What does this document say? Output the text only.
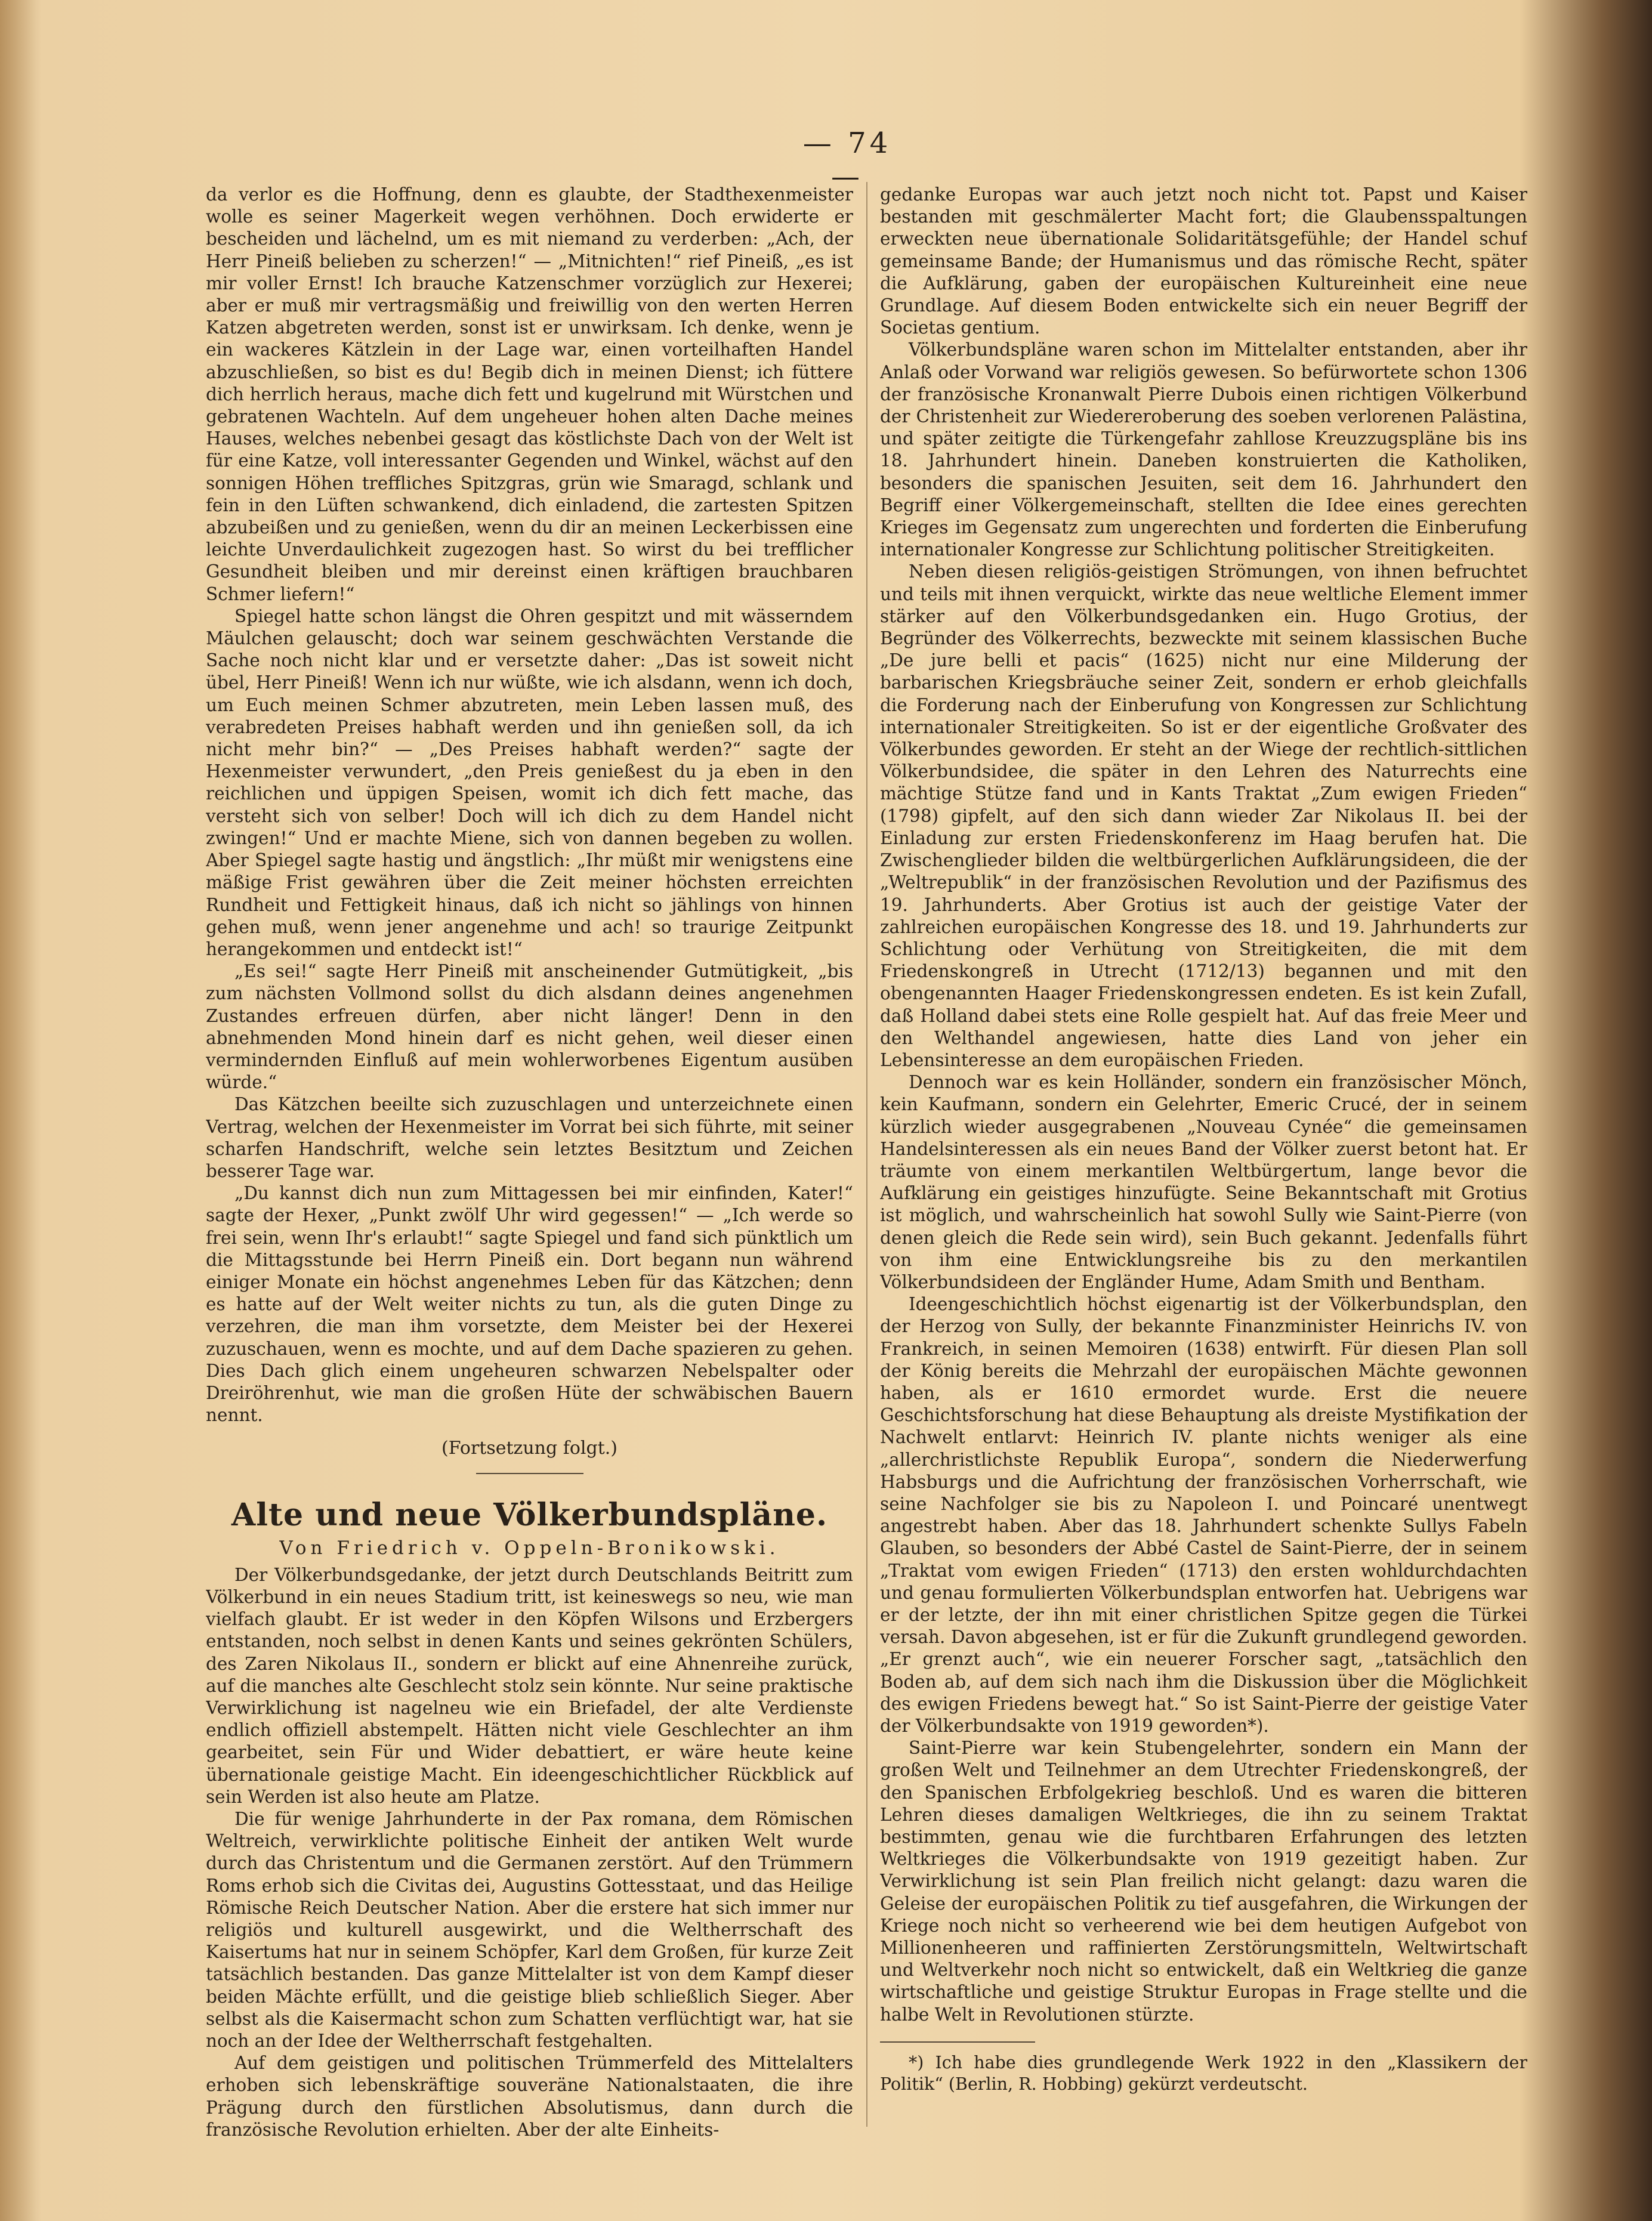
— 74 —

da verlor es die Hoffnung, denn es glaubte, der Stadthexenmeister wolle es seiner Magerkeit wegen verhöhnen. Doch erwiderte er bescheiden und lächelnd, um es mit niemand zu verderben: „Ach, der Herr Pineiß belieben zu scherzen!“ — „Mitnichten!“ rief Pineiß, „es ist mir voller Ernst! Ich brauche Katzenschmer vorzüglich zur Hexerei; aber er muß mir vertragsmäßig und freiwillig von den werten Herren Katzen abgetreten werden, sonst ist er unwirksam. Ich denke, wenn je ein wackeres Kätzlein in der Lage war, einen vorteilhaften Handel abzuschließen, so bist es du! Begib dich in meinen Dienst; ich füttere dich herrlich heraus, mache dich fett und kugelrund mit Würstchen und gebratenen Wachteln. Auf dem ungeheuer hohen alten Dache meines Hauses, welches nebenbei gesagt das köstlichste Dach von der Welt ist für eine Katze, voll interessanter Gegenden und Winkel, wächst auf den sonnigen Höhen treffliches Spitzgras, grün wie Smaragd, schlank und fein in den Lüften schwankend, dich einladend, die zartesten Spitzen abzubeißen und zu genießen, wenn du dir an meinen Leckerbissen eine leichte Unverdaulichkeit zugezogen hast. So wirst du bei trefflicher Gesundheit bleiben und mir dereinst einen kräftigen brauchbaren Schmer liefern!“

Spiegel hatte schon längst die Ohren gespitzt und mit wässerndem Mäulchen gelauscht; doch war seinem geschwächten Verstande die Sache noch nicht klar und er versetzte daher: „Das ist soweit nicht übel, Herr Pineiß! Wenn ich nur wüßte, wie ich alsdann, wenn ich doch, um Euch meinen Schmer abzutreten, mein Leben lassen muß, des verabredeten Preises habhaft werden und ihn genießen soll, da ich nicht mehr bin?“ — „Des Preises habhaft werden?“ sagte der Hexenmeister verwundert, „den Preis genießest du ja eben in den reichlichen und üppigen Speisen, womit ich dich fett mache, das versteht sich von selber! Doch will ich dich zu dem Handel nicht zwingen!“ Und er machte Miene, sich von dannen begeben zu wollen. Aber Spiegel sagte hastig und ängstlich: „Ihr müßt mir wenigstens eine mäßige Frist gewähren über die Zeit meiner höchsten erreichten Rundheit und Fettigkeit hinaus, daß ich nicht so jählings von hinnen gehen muß, wenn jener angenehme und ach! so traurige Zeitpunkt herangekommen und entdeckt ist!“

„Es sei!“ sagte Herr Pineiß mit anscheinender Gutmütigkeit, „bis zum nächsten Vollmond sollst du dich alsdann deines angenehmen Zustandes erfreuen dürfen, aber nicht länger! Denn in den abnehmenden Mond hinein darf es nicht gehen, weil dieser einen vermindernden Einfluß auf mein wohlerworbenes Eigentum ausüben würde.“

Das Kätzchen beeilte sich zuzuschlagen und unterzeichnete einen Vertrag, welchen der Hexenmeister im Vorrat bei sich führte, mit seiner scharfen Handschrift, welche sein letztes Besitztum und Zeichen besserer Tage war.

„Du kannst dich nun zum Mittagessen bei mir einfinden, Kater!“ sagte der Hexer, „Punkt zwölf Uhr wird gegessen!“ — „Ich werde so frei sein, wenn Ihr's erlaubt!“ sagte Spiegel und fand sich pünktlich um die Mittagsstunde bei Herrn Pineiß ein. Dort begann nun während einiger Monate ein höchst angenehmes Leben für das Kätzchen; denn es hatte auf der Welt weiter nichts zu tun, als die guten Dinge zu verzehren, die man ihm vorsetzte, dem Meister bei der Hexerei zuzuschauen, wenn es mochte, und auf dem Dache spazieren zu gehen. Dies Dach glich einem ungeheuren schwarzen Nebelspalter oder Dreiröhrenhut, wie man die großen Hüte der schwäbischen Bauern nennt.

(Fortsetzung folgt.)
Alte und neue Völkerbundspläne.
Von Friedrich v. Oppeln-Bronikowski.

Der Völkerbundsgedanke, der jetzt durch Deutschlands Beitritt zum Völkerbund in ein neues Stadium tritt, ist keineswegs so neu, wie man vielfach glaubt. Er ist weder in den Köpfen Wilsons und Erzbergers entstanden, noch selbst in denen Kants und seines gekrönten Schülers, des Zaren Nikolaus II., sondern er blickt auf eine Ahnenreihe zurück, auf die manches alte Geschlecht stolz sein könnte. Nur seine praktische Verwirklichung ist nagelneu wie ein Briefadel, der alte Verdienste endlich offiziell abstempelt. Hätten nicht viele Geschlechter an ihm gearbeitet, sein Für und Wider debattiert, er wäre heute keine übernationale geistige Macht. Ein ideengeschichtlicher Rückblick auf sein Werden ist also heute am Platze.

Die für wenige Jahrhunderte in der Pax romana, dem Römischen Weltreich, verwirklichte politische Einheit der antiken Welt wurde durch das Christentum und die Germanen zerstört. Auf den Trümmern Roms erhob sich die Civitas dei, Augustins Gottesstaat, und das Heilige Römische Reich Deutscher Nation. Aber die erstere hat sich immer nur religiös und kulturell ausgewirkt, und die Weltherrschaft des Kaisertums hat nur in seinem Schöpfer, Karl dem Großen, für kurze Zeit tatsächlich bestanden. Das ganze Mittelalter ist von dem Kampf dieser beiden Mächte erfüllt, und die geistige blieb schließlich Sieger. Aber selbst als die Kaisermacht schon zum Schatten verflüchtigt war, hat sie noch an der Idee der Weltherrschaft festgehalten.

Auf dem geistigen und politischen Trümmerfeld des Mittelalters erhoben sich lebenskräftige souveräne Nationalstaaten, die ihre Prägung durch den fürstlichen Absolutismus, dann durch die französische Revolution erhielten. Aber der alte Einheits-

gedanke Europas war auch jetzt noch nicht tot. Papst und Kaiser bestanden mit geschmälerter Macht fort; die Glaubensspaltungen erweckten neue übernationale Solidaritätsgefühle; der Handel schuf gemeinsame Bande; der Humanismus und das römische Recht, später die Aufklärung, gaben der europäischen Kultureinheit eine neue Grundlage. Auf diesem Boden entwickelte sich ein neuer Begriff der Societas gentium.

Völkerbundspläne waren schon im Mittelalter entstanden, aber ihr Anlaß oder Vorwand war religiös gewesen. So befürwortete schon 1306 der französische Kronanwalt Pierre Dubois einen richtigen Völkerbund der Christenheit zur Wiedereroberung des soeben verlorenen Palästina, und später zeitigte die Türkengefahr zahllose Kreuzzugspläne bis ins 18. Jahrhundert hinein. Daneben konstruierten die Katholiken, besonders die spanischen Jesuiten, seit dem 16. Jahrhundert den Begriff einer Völkergemeinschaft, stellten die Idee eines gerechten Krieges im Gegensatz zum ungerechten und forderten die Einberufung internationaler Kongresse zur Schlichtung politischer Streitigkeiten.

Neben diesen religiös-geistigen Strömungen, von ihnen befruchtet und teils mit ihnen verquickt, wirkte das neue weltliche Element immer stärker auf den Völkerbundsgedanken ein. Hugo Grotius, der Begründer des Völkerrechts, bezweckte mit seinem klassischen Buche „De jure belli et pacis“ (1625) nicht nur eine Milderung der barbarischen Kriegsbräuche seiner Zeit, sondern er erhob gleichfalls die Forderung nach der Einberufung von Kongressen zur Schlichtung internationaler Streitigkeiten. So ist er der eigentliche Großvater des Völkerbundes geworden. Er steht an der Wiege der rechtlich-sittlichen Völkerbundsidee, die später in den Lehren des Naturrechts eine mächtige Stütze fand und in Kants Traktat „Zum ewigen Frieden“ (1798) gipfelt, auf den sich dann wieder Zar Nikolaus II. bei der Einladung zur ersten Friedenskonferenz im Haag berufen hat. Die Zwischenglieder bilden die weltbürgerlichen Aufklärungsideen, die der „Weltrepublik“ in der französischen Revolution und der Pazifismus des 19. Jahrhunderts. Aber Grotius ist auch der geistige Vater der zahlreichen europäischen Kongresse des 18. und 19. Jahrhunderts zur Schlichtung oder Verhütung von Streitigkeiten, die mit dem Friedenskongreß in Utrecht (1712/13) begannen und mit den obengenannten Haager Friedenskongressen endeten. Es ist kein Zufall, daß Holland dabei stets eine Rolle gespielt hat. Auf das freie Meer und den Welthandel angewiesen, hatte dies Land von jeher ein Lebensinteresse an dem europäischen Frieden.

Dennoch war es kein Holländer, sondern ein französischer Mönch, kein Kaufmann, sondern ein Gelehrter, Emeric Crucé, der in seinem kürzlich wieder ausgegrabenen „Nouveau Cynée“ die gemeinsamen Handelsinteressen als ein neues Band der Völker zuerst betont hat. Er träumte von einem merkantilen Weltbürgertum, lange bevor die Aufklärung ein geistiges hinzufügte. Seine Bekanntschaft mit Grotius ist möglich, und wahrscheinlich hat sowohl Sully wie Saint-Pierre (von denen gleich die Rede sein wird), sein Buch gekannt. Jedenfalls führt von ihm eine Entwicklungsreihe bis zu den merkantilen Völkerbundsideen der Engländer Hume, Adam Smith und Bentham.

Ideengeschichtlich höchst eigenartig ist der Völkerbundsplan, den der Herzog von Sully, der bekannte Finanzminister Heinrichs IV. von Frankreich, in seinen Memoiren (1638) entwirft. Für diesen Plan soll der König bereits die Mehrzahl der europäischen Mächte gewonnen haben, als er 1610 ermordet wurde. Erst die neuere Geschichtsforschung hat diese Behauptung als dreiste Mystifikation der Nachwelt entlarvt: Heinrich IV. plante nichts weniger als eine „allerchristlichste Republik Europa“, sondern die Niederwerfung Habsburgs und die Aufrichtung der französischen Vorherrschaft, wie seine Nachfolger sie bis zu Napoleon I. und Poincaré unentwegt angestrebt haben. Aber das 18. Jahrhundert schenkte Sullys Fabeln Glauben, so besonders der Abbé Castel de Saint-Pierre, der in seinem „Traktat vom ewigen Frieden“ (1713) den ersten wohldurchdachten und genau formulierten Völkerbundsplan entworfen hat. Uebrigens war er der letzte, der ihn mit einer christlichen Spitze gegen die Türkei versah. Davon abgesehen, ist er für die Zukunft grundlegend geworden. „Er grenzt auch“, wie ein neuerer Forscher sagt, „tatsächlich den Boden ab, auf dem sich nach ihm die Diskussion über die Möglichkeit des ewigen Friedens bewegt hat.“ So ist Saint-Pierre der geistige Vater der Völkerbundsakte von 1919 geworden*).

Saint-Pierre war kein Stubengelehrter, sondern ein Mann der großen Welt und Teilnehmer an dem Utrechter Friedenskongreß, der den Spanischen Erbfolgekrieg beschloß. Und es waren die bitteren Lehren dieses damaligen Weltkrieges, die ihn zu seinem Traktat bestimmten, genau wie die furchtbaren Erfahrungen des letzten Weltkrieges die Völkerbundsakte von 1919 gezeitigt haben. Zur Verwirklichung ist sein Plan freilich nicht gelangt: dazu waren die Geleise der europäischen Politik zu tief ausgefahren, die Wirkungen der Kriege noch nicht so verheerend wie bei dem heutigen Aufgebot von Millionenheeren und raffinierten Zerstörungsmitteln, Weltwirtschaft und Weltverkehr noch nicht so entwickelt, daß ein Weltkrieg die ganze wirtschaftliche und geistige Struktur Europas in Frage stellte und die halbe Welt in Revolutionen stürzte.

*) Ich habe dies grundlegende Werk 1922 in den „Klassikern der Politik“ (Berlin, R. Hobbing) gekürzt verdeutscht.
